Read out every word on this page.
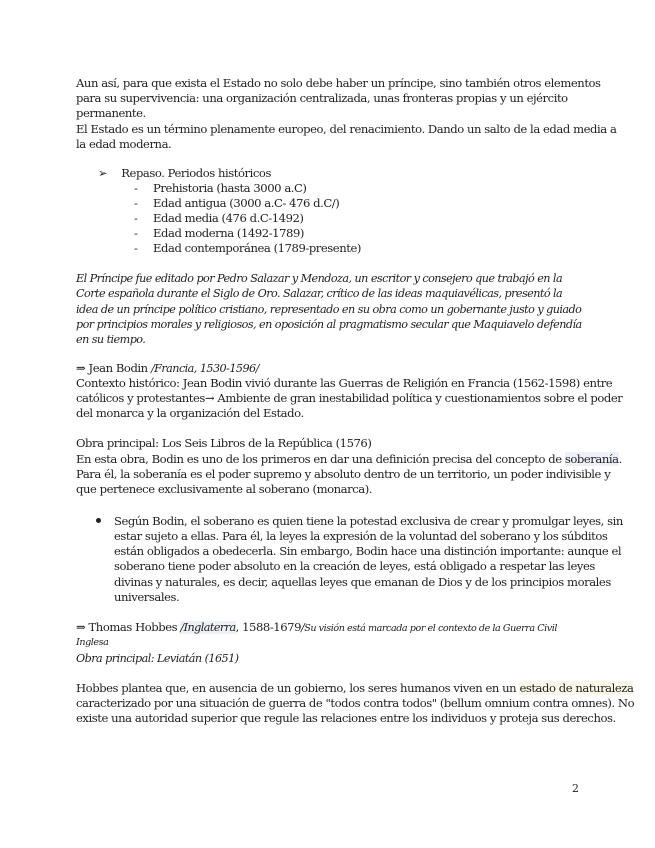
Aun así, para que exista el Estado no solo debe haber un príncipe, sino también otros elementos
para su supervivencia: una organización centralizada, unas fronteras propias y un ejército
permanente.
El Estado es un término plenamente europeo, del renacimiento. Dando un salto de la edad media a
la edad moderna.
➢ Repaso. Periodos históricos
- Prehistoria (hasta 3000 a.C)
- Edad antigua (3000 a.C- 476 d.C/)
- Edad media (476 d.C-1492)
- Edad moderna (1492-1789)
- Edad contemporánea (1789-presente)
El Príncipe fue editado por Pedro Salazar y Mendoza, un escritor y consejero que trabajó en la
Corte española durante el Siglo de Oro. Salazar, crítico de las ideas maquiavélicas, presentó la
idea de un príncipe político cristiano, representado en su obra como un gobernante justo y guiado
por principios morales y religiosos, en oposición al pragmatismo secular que Maquiavelo defendía
en su tiempo.
⇒ Jean Bodin /Francia, 1530-1596/
Contexto histórico: Jean Bodin vivió durante las Guerras de Religión en Francia (1562-1598) entre
católicos y protestantes→ Ambiente de gran inestabilidad política y cuestionamientos sobre el poder
del monarca y la organización del Estado.
Obra principal: Los Seis Libros de la República (1576)
En esta obra, Bodin es uno de los primeros en dar una definición precisa del concepto de soberanía.
Para él, la soberanía es el poder supremo y absoluto dentro de un territorio, un poder indivisible y
que pertenece exclusivamente al soberano (monarca).
Según Bodin, el soberano es quien tiene la potestad exclusiva de crear y promulgar leyes, sin
estar sujeto a ellas. Para él, la leyes la expresión de la voluntad del soberano y los súbditos
están obligados a obedecerla. Sin embargo, Bodin hace una distinción importante: aunque el
soberano tiene poder absoluto en la creación de leyes, está obligado a respetar las leyes
divinas y naturales, es decir, aquellas leyes que emanan de Dios y de los principios morales
universales.
⇒ Thomas Hobbes /Inglaterra, 1588-1679/Su visión está marcada por el contexto de la Guerra Civil
Inglesa
Obra principal: Leviatán (1651)
Hobbes plantea que, en ausencia de un gobierno, los seres humanos viven en un estado de naturaleza
caracterizado por una situación de guerra de "todos contra todos" (bellum omnium contra omnes). No
existe una autoridad superior que regule las relaciones entre los individuos y proteja sus derechos.
2
